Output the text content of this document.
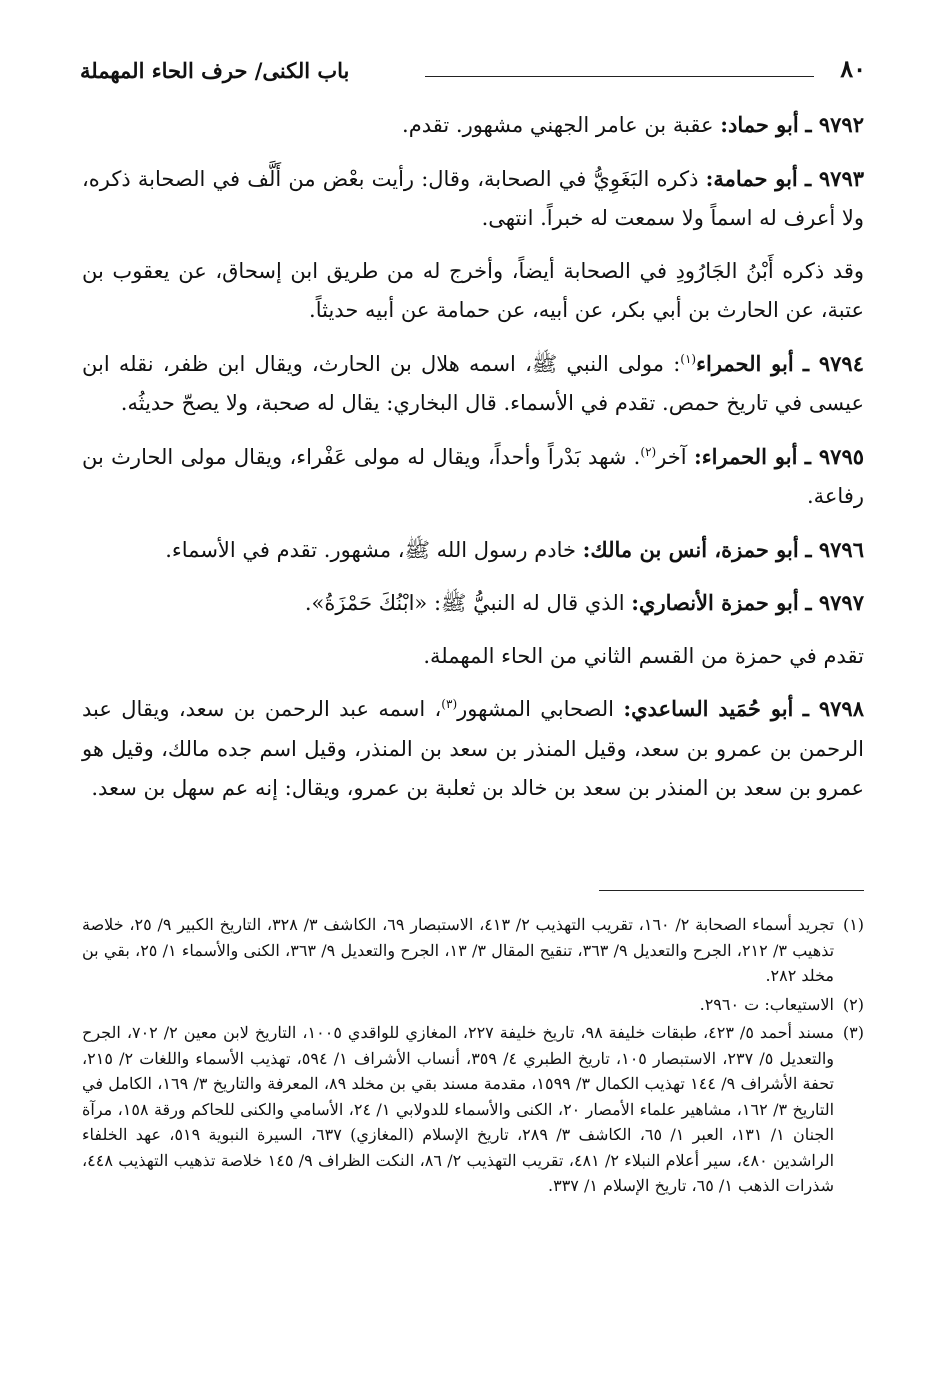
٨٠
باب الكنى/ حرف الحاء المهملة

٩٧٩٢ ـ أبو حماد: عقبة بن عامر الجهني مشهور. تقدم.

٩٧٩٣ ـ أبو حمامة: ذكره البَغَوِيُّ في الصحابة، وقال: رأيت بعْض من أَلَّف في الصحابة ذكره، ولا أعرف له اسماً ولا سمعت له خبراً. انتهى.

وقد ذكره أَبْنُ الجَارُودِ في الصحابة أيضاً، وأخرج له من طريق ابن إسحاق، عن يعقوب بن عتبة، عن الحارث بن أبي بكر، عن أبيه، عن حمامة عن أبيه حديثاً.

٩٧٩٤ ـ أبو الحمراء$^{(١)}$: مولى النبي ﷺ، اسمه هلال بن الحارث، ويقال ابن ظفر، نقله ابن عيسى في تاريخ حمص. تقدم في الأسماء. قال البخاري: يقال له صحبة، ولا يصحّ حديثُه.

٩٧٩٥ ـ أبو الحمراء: آخر$^{(٢)}$. شهد بَدْراً وأحداً، ويقال له مولى عَفْراء، ويقال مولى الحارث بن رفاعة.

٩٧٩٦ ـ أبو حمزة، أنس بن مالك: خادم رسول الله ﷺ، مشهور. تقدم في الأسماء.

٩٧٩٧ ـ أبو حمزة الأنصاري: الذي قال له النبيُّ ﷺ: «ابْنُكَ حَمْزَةُ».

تقدم في حمزة من القسم الثاني من الحاء المهملة.

٩٧٩٨ ـ أبو حُمَيد الساعدي: الصحابي المشهور$^{(٣)}$، اسمه عبد الرحمن بن سعد، ويقال عبد الرحمن بن عمرو بن سعد، وقيل المنذر بن سعد بن المنذر، وقيل اسم جده مالك، وقيل هو عمرو بن سعد بن المنذر بن سعد بن خالد بن ثعلبة بن عمرو، ويقال: إنه عم سهل بن سعد.

(١)تجريد أسماء الصحابة ٢/ ١٦٠، تقريب التهذيب ٢/ ٤١٣، الاستبصار ٦٩، الكاشف ٣/ ٣٢٨، التاريخ الكبير ٩/ ٢٥، خلاصة تذهيب ٣/ ٢١٢، الجرح والتعديل ٩/ ٣٦٣، تنقيح المقال ٣/ ١٣، الجرح والتعديل ٩/ ٣٦٣، الكنى والأسماء ١/ ٢٥، بقي بن مخلد ٢٨٢.

(٢)الاستيعاب: ت ٢٩٦٠.

(٣)مسند أحمد ٥/ ٤٢٣، طبقات خليفة ٩٨، تاريخ خليفة ٢٢٧، المغازي للواقدي ١٠٠٥، التاريخ لابن معين ٢/ ٧٠٢، الجرح والتعديل ٥/ ٢٣٧، الاستبصار ١٠٥، تاريخ الطبري ٤/ ٣٥٩، أنساب الأشراف ١/ ٥٩٤، تهذيب الأسماء واللغات ٢/ ٢١٥، تحفة الأشراف ٩/ ١٤٤ تهذيب الكمال ٣/ ١٥٩٩، مقدمة مسند بقي بن مخلد ٨٩، المعرفة والتاريخ ٣/ ١٦٩، الكامل في التاريخ ٣/ ١٦٢، مشاهير علماء الأمصار ٢٠، الكنى والأسماء للدولابي ١/ ٢٤، الأسامي والكنى للحاكم ورقة ١٥٨، مرآة الجنان ١/ ١٣١، العبر ١/ ٦٥، الكاشف ٣/ ٢٨٩، تاريخ الإسلام (المغازي) ٦٣٧، السيرة النبوية ٥١٩، عهد الخلفاء الراشدين ٤٨٠، سير أعلام النبلاء ٢/ ٤٨١، تقريب التهذيب ٢/ ٨٦، النكت الظراف ٩/ ١٤٥ خلاصة تذهيب التهذيب ٤٤٨، شذرات الذهب ١/ ٦٥، تاريخ الإسلام ١/ ٣٣٧.
